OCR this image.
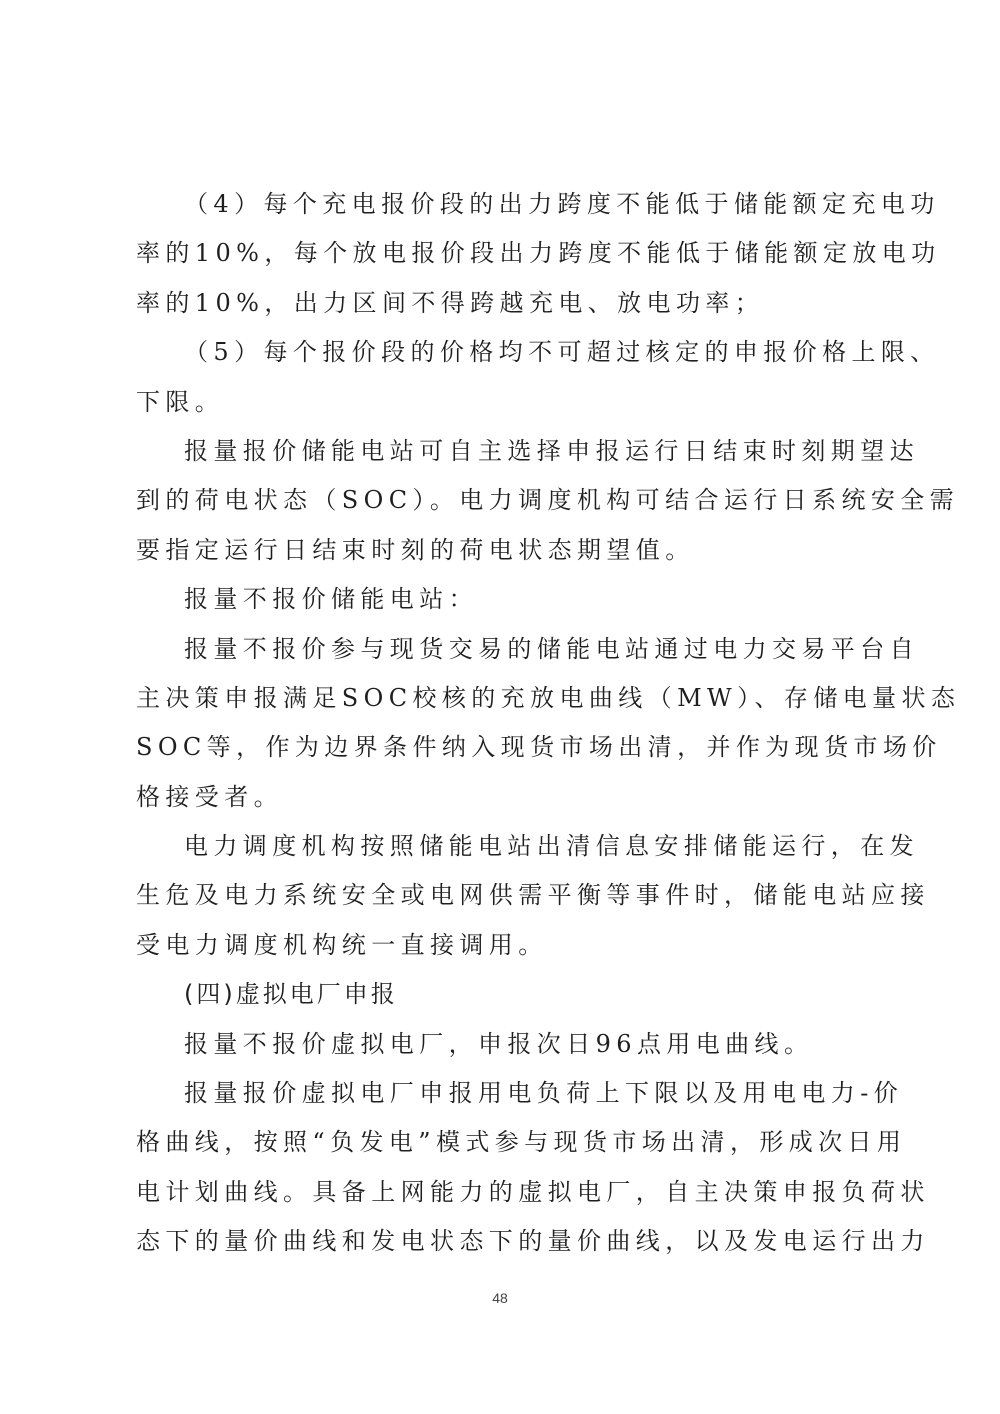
（4）每个充电报价段的出力跨度不能低于储能额定充电功
率的10%，每个放电报价段出力跨度不能低于储能额定放电功
率的10%，出力区间不得跨越充电、放电功率；
（5）每个报价段的价格均不可超过核定的申报价格上限、
下限。
报量报价储能电站可自主选择申报运行日结束时刻期望达
到的荷电状态（SOC）。电力调度机构可结合运行日系统安全需
要指定运行日结束时刻的荷电状态期望值。
报量不报价储能电站：
报量不报价参与现货交易的储能电站通过电力交易平台自
主决策申报满足SOC校核的充放电曲线（MW）、存储电量状态
SOC等，作为边界条件纳入现货市场出清，并作为现货市场价
格接受者。
电力调度机构按照储能电站出清信息安排储能运行，在发
生危及电力系统安全或电网供需平衡等事件时，储能电站应接
受电力调度机构统一直接调用。
(四)虚拟电厂申报
报量不报价虚拟电厂，申报次日96点用电曲线。
报量报价虚拟电厂申报用电负荷上下限以及用电电力-价
格曲线，按照“负发电”模式参与现货市场出清，形成次日用
电计划曲线。具备上网能力的虚拟电厂，自主决策申报负荷状
态下的量价曲线和发电状态下的量价曲线，以及发电运行出力
48
